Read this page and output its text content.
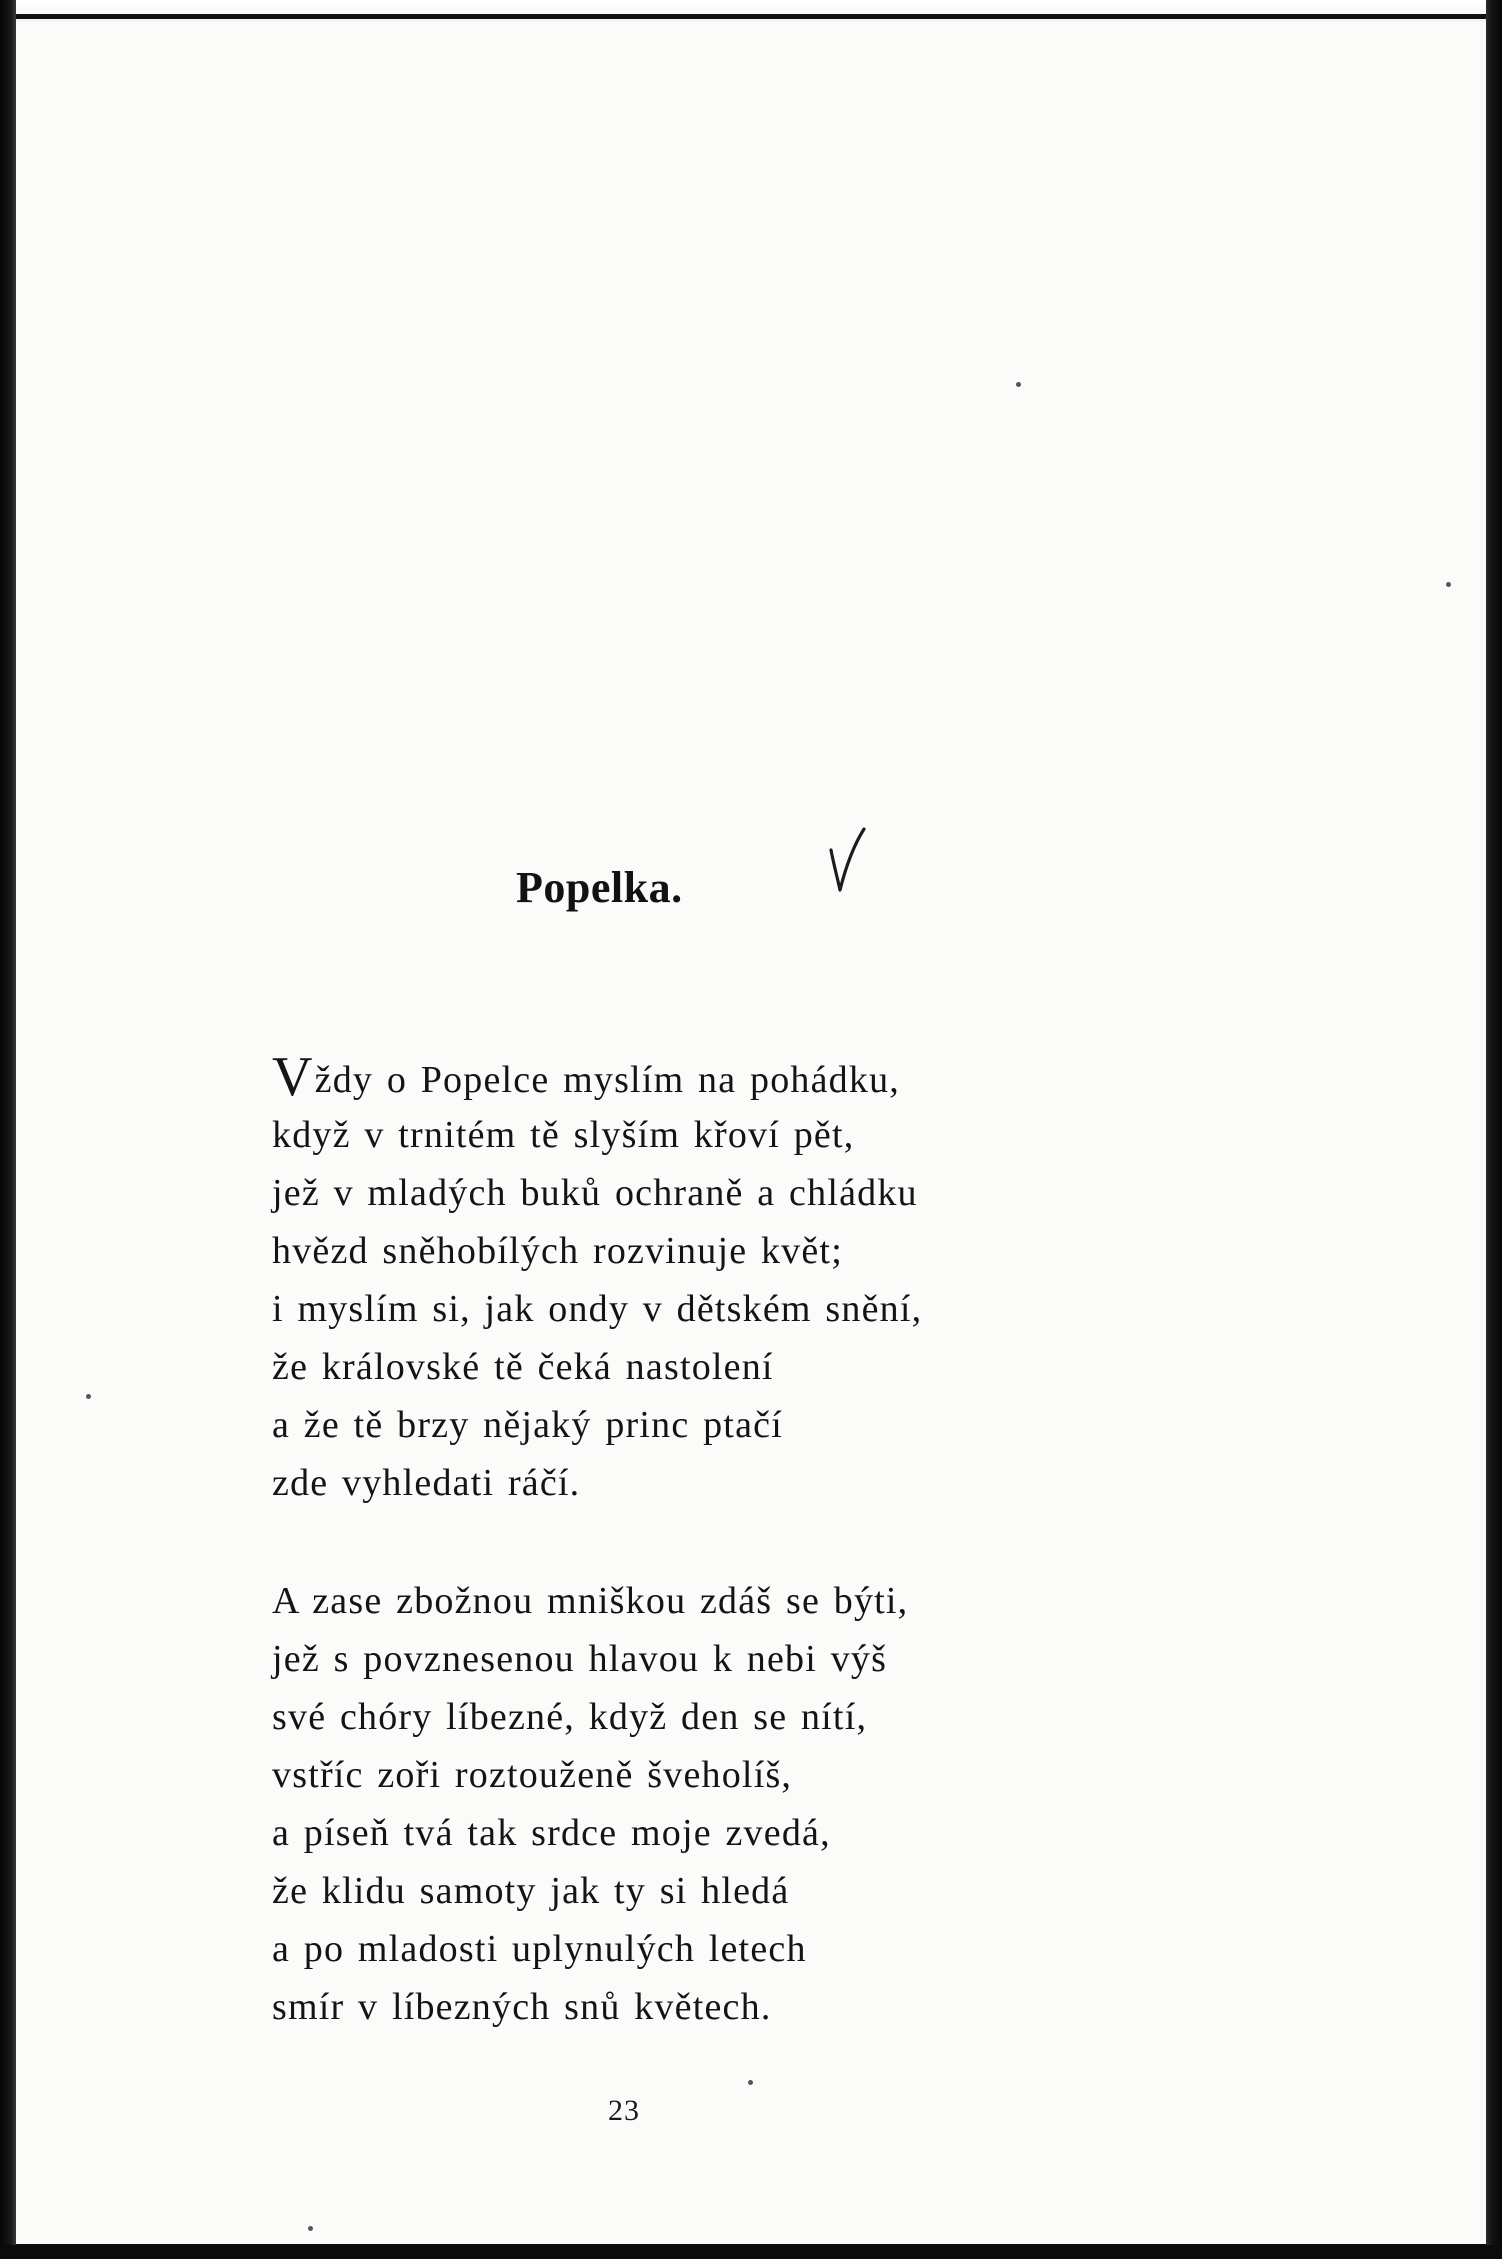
Popelka.
Vždy o Popelce myslím na pohádku,
když v trnitém tě slyším křoví pět,
jež v mladých buků ochraně a chládku
hvězd sněhobílých rozvinuje květ;
i myslím si, jak ondy v dětském snění,
že královské tě čeká nastolení
a že tě brzy nějaký princ ptačí
zde vyhledati ráčí.
A zase zbožnou mniškou zdáš se býti,
jež s povznesenou hlavou k nebi výš
své chóry líbezné, když den se nítí,
vstříc zoři roztouženě šveholíš,
a píseň tvá tak srdce moje zvedá,
že klidu samoty jak ty si hledá
a po mladosti uplynulých letech
smír v líbezných snů květech.
23
